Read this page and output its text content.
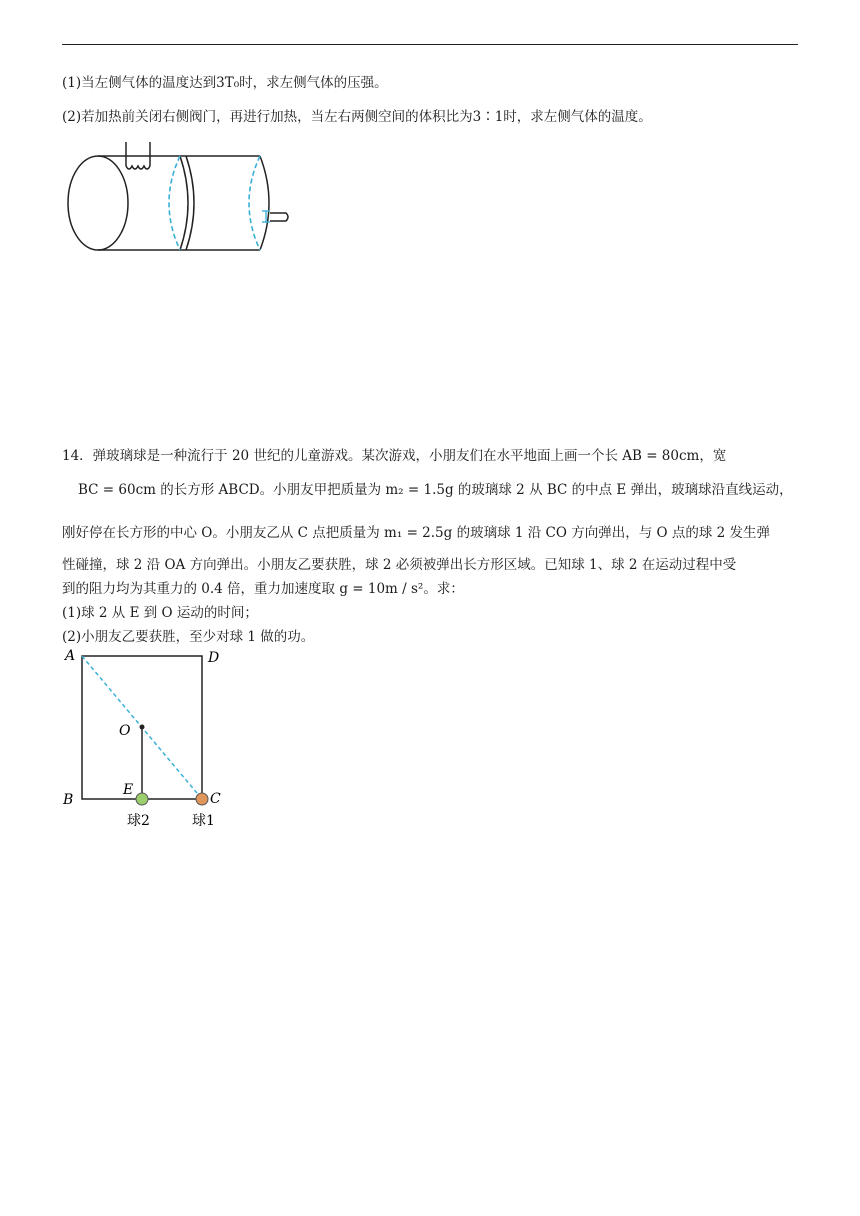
(1)当左侧气体的温度达到3T₀时，求左侧气体的压强。
(2)若加热前关闭右侧阀门，再进行加热，当左右两侧空间的体积比为3∶1时，求左侧气体的温度。
14．弹玻璃球是一种流行于 20 世纪的儿童游戏。某次游戏，小朋友们在水平地面上画一个长 AB = 80cm，宽
BC = 60cm 的长方形 ABCD。小朋友甲把质量为 m₂ = 1.5g 的玻璃球 2 从 BC 的中点 E 弹出，玻璃球沿直线运动，
刚好停在长方形的中心 O。小朋友乙从 C 点把质量为 m₁ = 2.5g 的玻璃球 1 沿 CO 方向弹出，与 O 点的球 2 发生弹
性碰撞，球 2 沿 OA 方向弹出。小朋友乙要获胜，球 2 必须被弹出长方形区域。已知球 1、球 2 在运动过程中受
到的阻力均为其重力的 0.4 倍，重力加速度取 g = 10m / s²。求：
(1)球 2 从 E 到 O 运动的时间；
(2)小朋友乙要获胜，至少对球 1 做的功。
A	D
B	C
E
O
球2	球1
